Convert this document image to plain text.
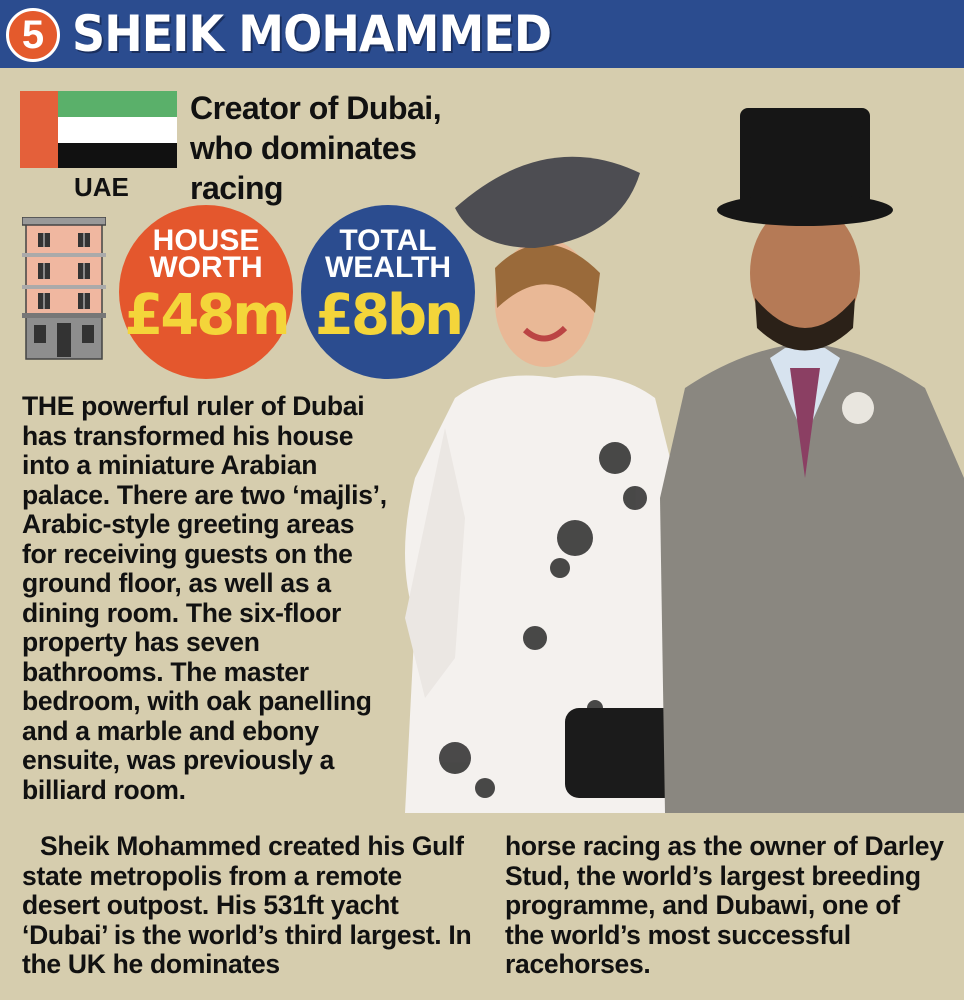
5 SHEIK MOHAMMED
UAE
Creator of Dubai, who dominates racing
HOUSE
WORTH
£48m
TOTAL
WEALTH
£8bn

THE powerful ruler of Dubai has transformed his house into a miniature Arabian palace. There are two ‘majlis’, Arabic-style greeting areas for receiving guests on the ground floor, as well as a dining room. The six-floor property has seven bathrooms. The master bedroom, with oak panelling and a marble and ebony ensuite, was previously a billiard room.

Sheik Mohammed created his Gulf state metropolis from a remote desert outpost. His 531ft yacht ‘Dubai’ is the world’s third largest. In the UK he dominates
horse racing as the owner of Darley Stud, the world’s largest breeding programme, and Dubawi, one of the world’s most successful racehorses.
